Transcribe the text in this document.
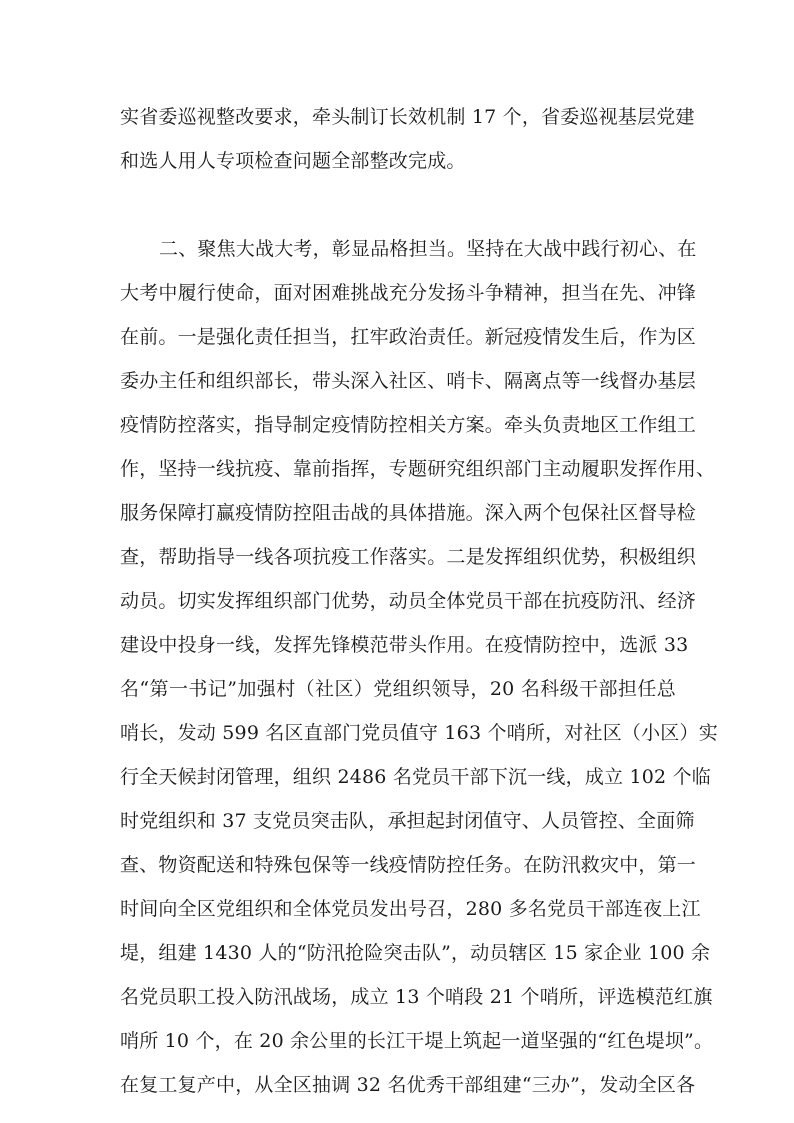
实省委巡视整改要求，牵头制订长效机制 17 个，省委巡视基层党建
和选人用人专项检查问题全部整改完成。
二、聚焦大战大考，彰显品格担当。坚持在大战中践行初心、在
大考中履行使命，面对困难挑战充分发扬斗争精神，担当在先、冲锋
在前。一是强化责任担当，扛牢政治责任。新冠疫情发生后，作为区
委办主任和组织部长，带头深入社区、哨卡、隔离点等一线督办基层
疫情防控落实，指导制定疫情防控相关方案。牵头负责地区工作组工
作，坚持一线抗疫、靠前指挥，专题研究组织部门主动履职发挥作用、
服务保障打赢疫情防控阻击战的具体措施。深入两个包保社区督导检
查，帮助指导一线各项抗疫工作落实。二是发挥组织优势，积极组织
动员。切实发挥组织部门优势，动员全体党员干部在抗疫防汛、经济
建设中投身一线，发挥先锋模范带头作用。在疫情防控中，选派 33
名“第一书记”加强村（社区）党组织领导，20 名科级干部担任总
哨长，发动 599 名区直部门党员值守 163 个哨所，对社区（小区）实
行全天候封闭管理，组织 2486 名党员干部下沉一线，成立 102 个临
时党组织和 37 支党员突击队，承担起封闭值守、人员管控、全面筛
查、物资配送和特殊包保等一线疫情防控任务。在防汛救灾中，第一
时间向全区党组织和全体党员发出号召，280 多名党员干部连夜上江
堤，组建 1430 人的“防汛抢险突击队”，动员辖区 15 家企业 100 余
名党员职工投入防汛战场，成立 13 个哨段 21 个哨所，评选模范红旗
哨所 10 个，在 20 余公里的长江干堤上筑起一道坚强的“红色堤坝”。
在复工复产中，从全区抽调 32 名优秀干部组建“三办”，发动全区各
